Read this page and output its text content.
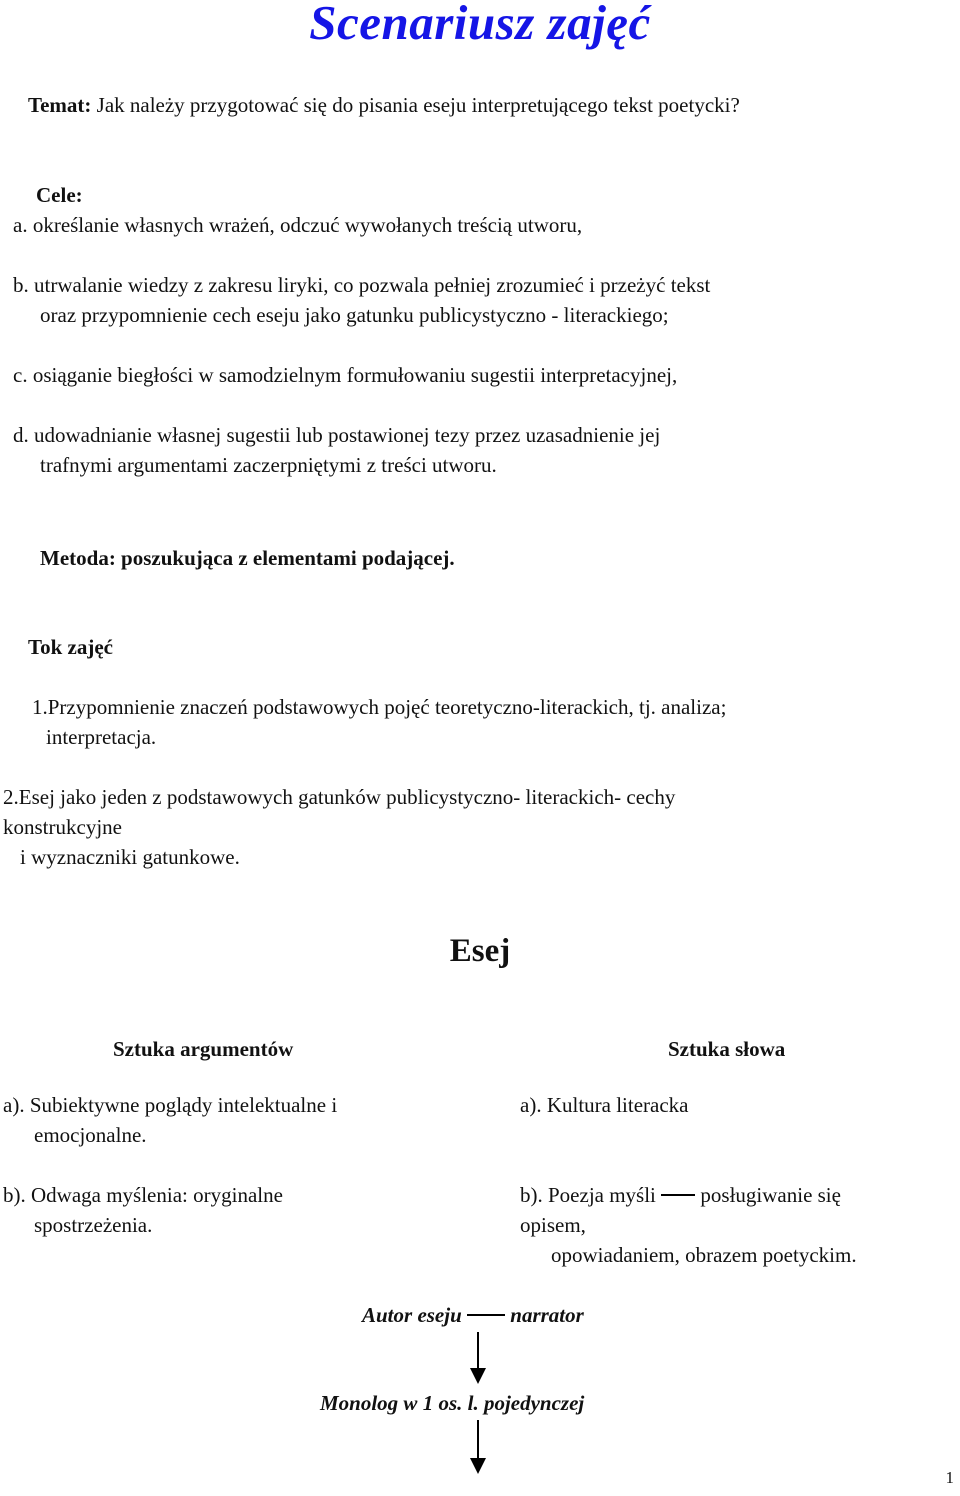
Scenariusz zajęć
Temat: Jak należy przygotować się do pisania eseju interpretującego tekst poetycki?
Cele:
a. określanie własnych wrażeń, odczuć wywołanych treścią utworu,
b. utrwalanie wiedzy z zakresu liryki, co pozwala pełniej zrozumieć i przeżyć tekst
oraz przypomnienie cech eseju jako gatunku publicystyczno - literackiego;
c. osiąganie biegłości w samodzielnym formułowaniu sugestii interpretacyjnej,
d. udowadnianie własnej sugestii lub postawionej tezy przez uzasadnienie jej
trafnymi argumentami zaczerpniętymi z treści utworu.
Metoda: poszukująca z elementami podającej.
Tok zajęć
1.Przypomnienie znaczeń podstawowych pojęć teoretyczno-literackich, tj. analiza;
interpretacja.
2.Esej jako jeden z podstawowych gatunków publicystyczno- literackich- cechy
konstrukcyjne
i wyznaczniki gatunkowe.
Esej
Sztuka argumentów
a). Subiektywne poglądy intelektualne i
emocjonalne.
b). Odwaga myślenia: oryginalne
spostrzeżenia.
Sztuka słowa
a). Kultura literacka
b). Poezja myśli  posługiwanie się
opisem,
opowiadaniem, obrazem poetyckim.
Autor eseju  narrator
Monolog w 1 os. l. pojedynczej
1
